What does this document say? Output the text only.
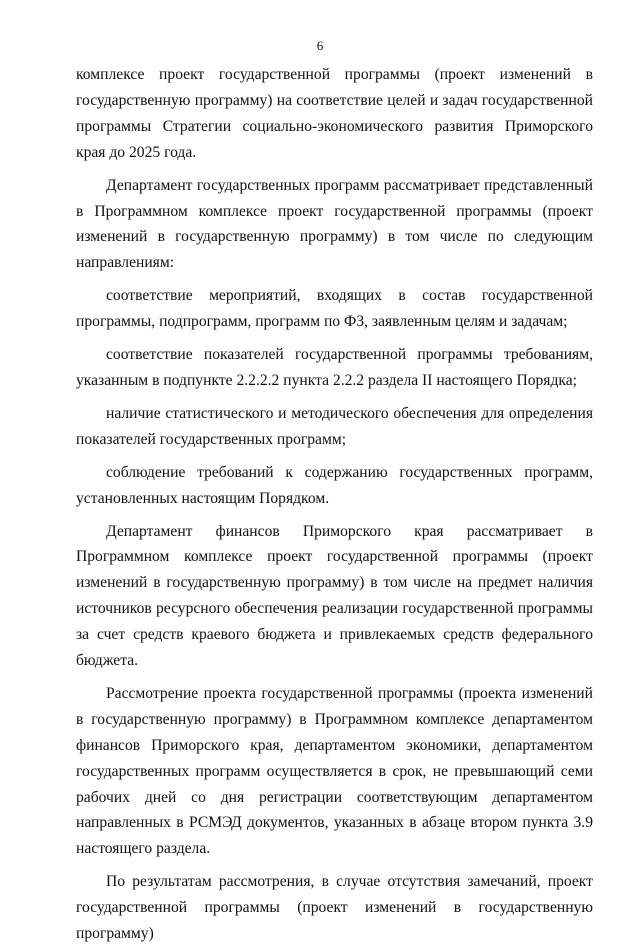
6

комплексе проект государственной программы (проект изменений в государственную программу) на соответствие целей и задач государственной программы Стратегии социально-экономического развития Приморского края до 2025 года.

Департамент государственных программ рассматривает представленный в Программном комплексе проект государственной программы (проект изменений в государственную программу) в том числе по следующим направлениям:

соответствие мероприятий, входящих в состав государственной программы, подпрограмм, программ по ФЗ, заявленным целям и задачам;

соответствие показателей государственной программы требованиям, указанным в подпункте 2.2.2.2 пункта 2.2.2 раздела II настоящего Порядка;

наличие статистического и методического обеспечения для определения показателей государственных программ;

соблюдение требований к содержанию государственных программ, установленных настоящим Порядком.

Департамент финансов Приморского края рассматривает в Программном комплексе проект государственной программы (проект изменений в государственную программу) в том числе на предмет наличия источников ресурсного обеспечения реализации государственной программы за счет средств краевого бюджета и привлекаемых средств федерального бюджета.

Рассмотрение проекта государственной программы (проекта изменений в государственную программу) в Программном комплексе департаментом финансов Приморского края, департаментом экономики, департаментом государственных программ осуществляется в срок, не превышающий семи рабочих дней со дня регистрации соответствующим департаментом направленных в РСМЭД документов, указанных в абзаце втором пункта 3.9 настоящего раздела.

По результатам рассмотрения, в случае отсутствия замечаний, проект государственной программы (проект изменений в государственную программу)
